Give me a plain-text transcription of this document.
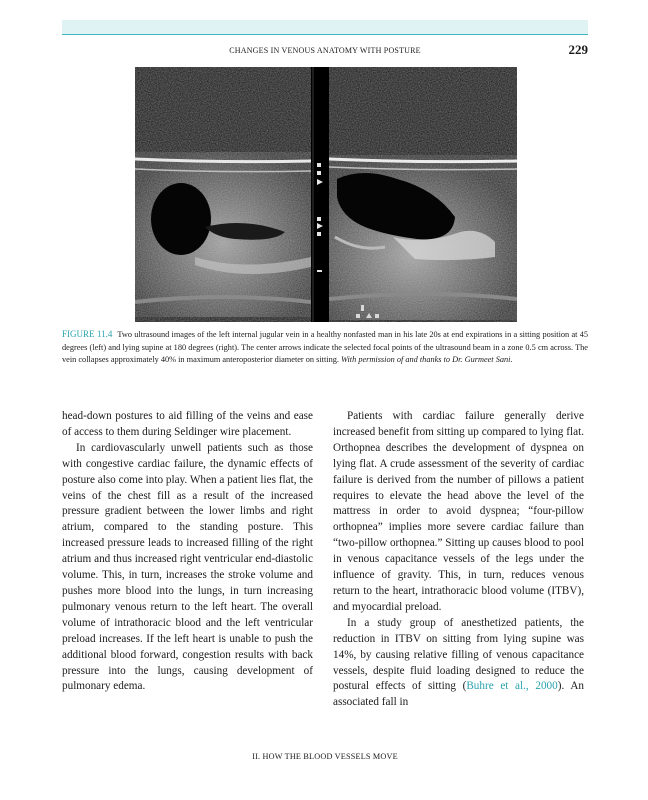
CHANGES IN VENOUS ANATOMY WITH POSTURE	229
FIGURE 11.4 Two ultrasound images of the left internal jugular vein in a healthy nonfasted man in his late 20s at end expirations in a sitting position at 45 degrees (left) and lying supine at 180 degrees (right). The center arrows indicate the selected focal points of the ultrasound beam in a zone 0.5 cm across. The vein collapses approximately 40% in maximum anteroposterior diameter on sitting. With permission of and thanks to Dr. Gurmeet Sani.

head-down postures to aid filling of the veins and ease of access to them during Seldinger wire placement.

In cardiovascularly unwell patients such as those with congestive cardiac failure, the dynamic effects of posture also come into play. When a patient lies flat, the veins of the chest fill as a result of the increased pressure gradient between the lower limbs and right atrium, compared to the standing posture. This increased pressure leads to increased filling of the right atrium and thus increased right ventricular end-diastolic volume. This, in turn, increases the stroke volume and pushes more blood into the lungs, in turn increasing pulmonary venous return to the left heart. The overall volume of intrathoracic blood and the left ventricular preload increases. If the left heart is unable to push the additional blood forward, congestion results with back pressure into the lungs, causing development of pulmonary edema.

Patients with cardiac failure generally derive increased benefit from sitting up compared to lying flat. Orthopnea describes the development of dyspnea on lying flat. A crude assessment of the severity of cardiac failure is derived from the number of pillows a patient requires to elevate the head above the level of the mattress in order to avoid dyspnea; “four-pillow orthopnea” implies more severe cardiac failure than “two-pillow orthopnea.” Sitting up causes blood to pool in venous capacitance vessels of the legs under the influence of gravity. This, in turn, reduces venous return to the heart, intrathoracic blood volume (ITBV), and myocardial preload.

In a study group of anesthetized patients, the reduction in ITBV on sitting from lying supine was 14%, by causing relative filling of venous capacitance vessels, despite fluid loading designed to reduce the postural effects of sitting (Buhre et al., 2000). An associated fall in

II. HOW THE BLOOD VESSELS MOVE
